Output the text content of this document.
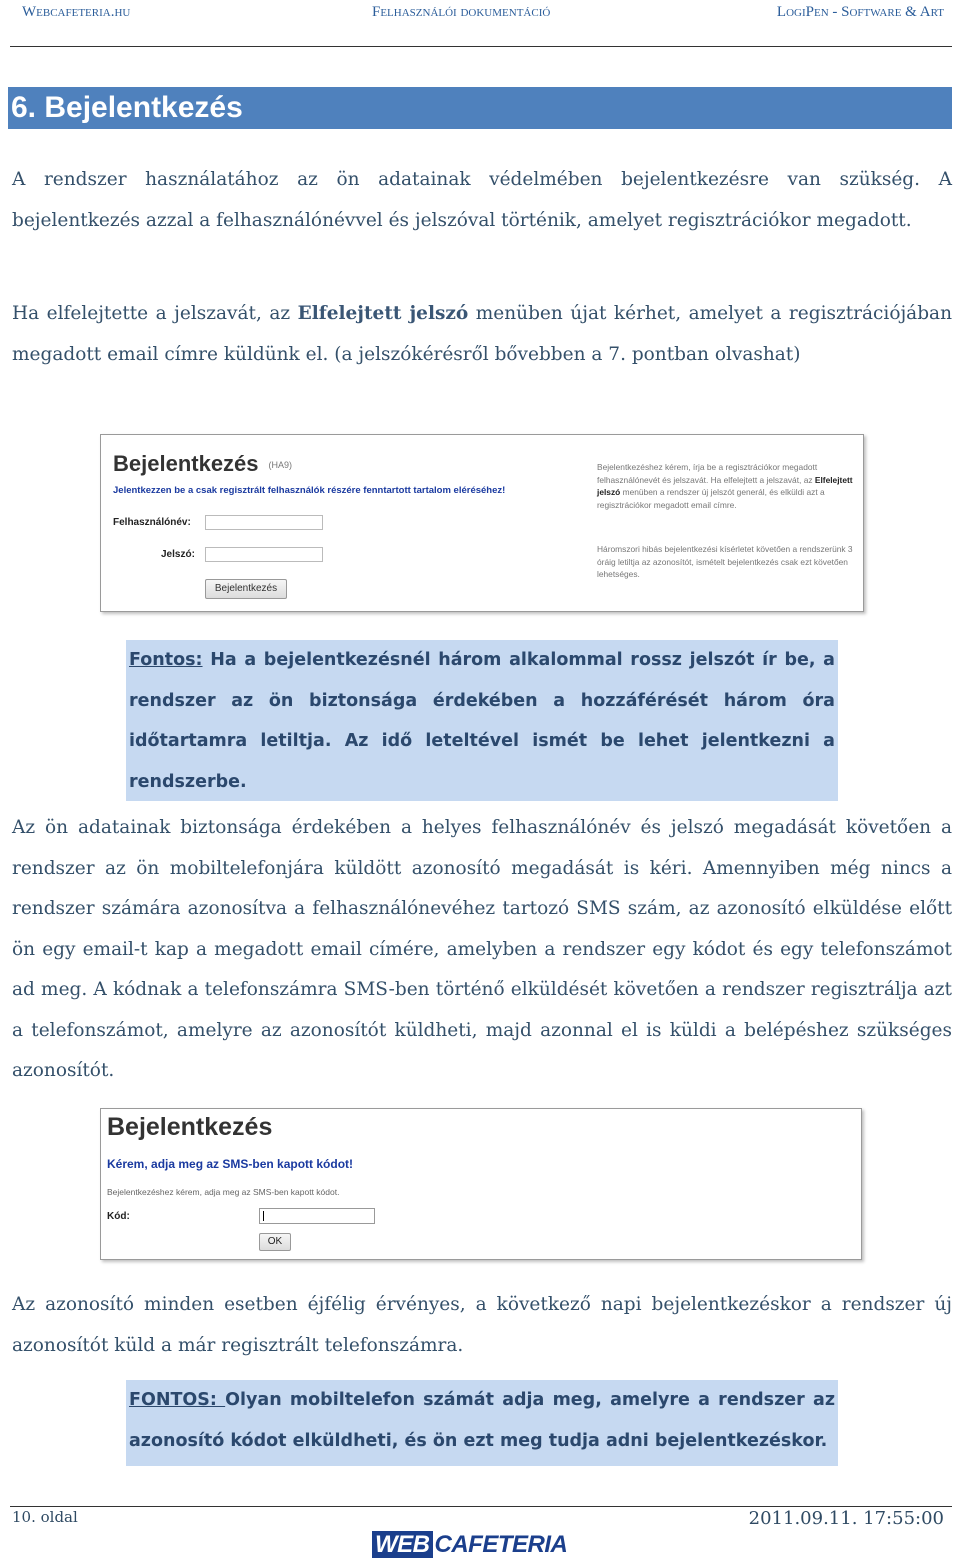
Webcafeteria.hu	Felhasználói dokumentáció	LogiPen - Software & Art
6. Bejelentkezés

A rendszer használatához az ön adatainak védelmében bejelentkezésre van szükség. A bejelentkezés azzal a felhasználónévvel és jelszóval történik, amelyet regisztrációkor megadott.

Ha elfelejtette a jelszavát, az Elfelejtett jelszó menüben újat kérhet, amelyet a regisztrációjában megadott email címre küldünk el. (a jelszókérésről bővebben a 7. pontban olvashat)

Bejelentkezés (HA9)
Jelentkezzen be a csak regisztrált felhasználók részére fenntartott tartalom eléréséhez!
Felhasználónév:
Jelszó:
Bejelentkezés
Bejelentkezéshez kérem, írja be a regisztrációkor megadott felhasználónevét és jelszavát. Ha elfelejtett a jelszavát, az Elfelejtett jelszó menüben a rendszer új jelszót generál, és elküldi azt a regisztrációkor megadott email címre.
Háromszori hibás bejelentkezési kísérletet követően a rendszerünk 3 óráig letiltja az azonosítót, ismételt bejelentkezés csak ezt követően lehetséges.
Fontos: Ha a bejelentkezésnél három alkalommal rossz jelszót ír be, a rendszer az ön biztonsága érdekében a hozzáférését három óra időtartamra letiltja. Az idő leteltével ismét be lehet jelentkezni a rendszerbe.

Az ön adatainak biztonsága érdekében a helyes felhasználónév és jelszó megadását követően a rendszer az ön mobiltelefonjára küldött azonosító megadását is kéri. Amennyiben még nincs a rendszer számára azonosítva a felhasználónevéhez tartozó SMS szám, az azonosító elküldése előtt ön egy email-t kap a megadott email címére, amelyben a rendszer egy kódot és egy telefonszámot ad meg. A kódnak a telefonszámra SMS-ben történő elküldését követően a rendszer regisztrálja azt a telefonszámot, amelyre az azonosítót küldheti, majd azonnal el is küldi a belépéshez szükséges azonosítót.

Bejelentkezés
Kérem, adja meg az SMS-ben kapott kódot!
Bejelentkezéshez kérem, adja meg az SMS-ben kapott kódot.
Kód:
OK

Az azonosító minden esetben éjfélig érvényes, a következő napi bejelentkezéskor a rendszer új azonosítót küld a már regisztrált telefonszámra.

FONTOS: Olyan mobiltelefon számát adja meg, amelyre a rendszer az azonosító kódot elküldheti, és ön ezt meg tudja adni bejelentkezéskor.
10. oldal	2011.09.11. 17:55:00
WEB CAFETERIA
